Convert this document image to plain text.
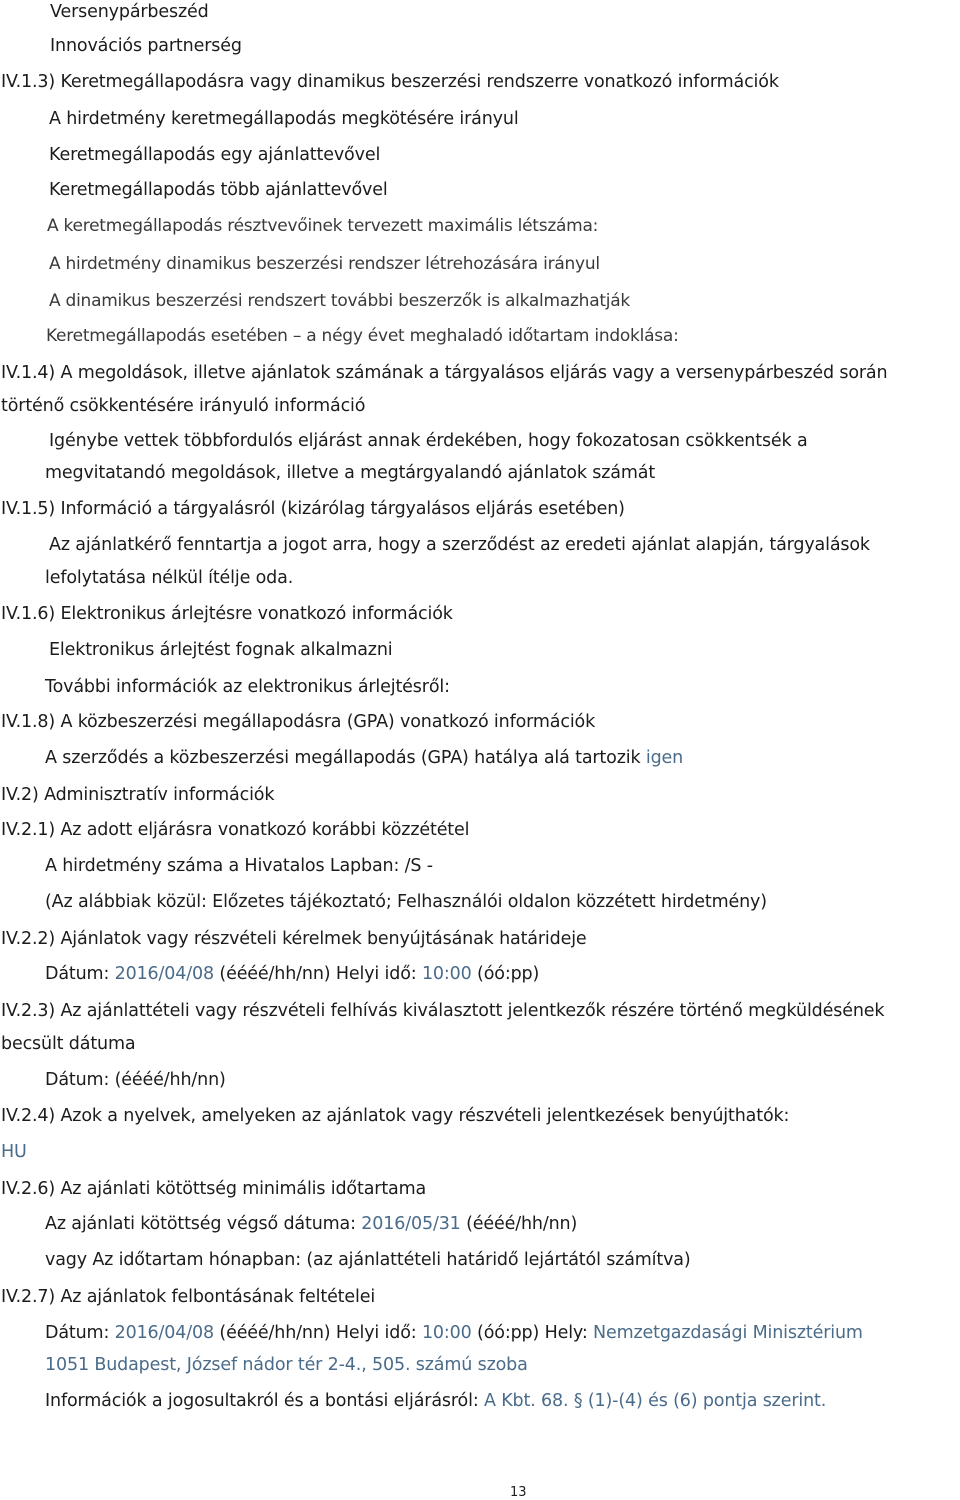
Versenypárbeszéd

Innovációs partnerség

IV.1.3) Keretmegállapodásra vagy dinamikus beszerzési rendszerre vonatkozó információk

A hirdetmény keretmegállapodás megkötésére irányul

Keretmegállapodás egy ajánlattevővel

Keretmegállapodás több ajánlattevővel

A keretmegállapodás résztvevőinek tervezett maximális létszáma:

A hirdetmény dinamikus beszerzési rendszer létrehozására irányul

A dinamikus beszerzési rendszert további beszerzők is alkalmazhatják

Keretmegállapodás esetében – a négy évet meghaladó időtartam indoklása:

IV.1.4) A megoldások, illetve ajánlatok számának a tárgyalásos eljárás vagy a versenypárbeszéd során

történő csökkentésére irányuló információ

Igénybe vettek többfordulós eljárást annak érdekében, hogy fokozatosan csökkentsék a

megvitatandó megoldások, illetve a megtárgyalandó ajánlatok számát

IV.1.5) Információ a tárgyalásról (kizárólag tárgyalásos eljárás esetében)

Az ajánlatkérő fenntartja a jogot arra, hogy a szerződést az eredeti ajánlat alapján, tárgyalások

lefolytatása nélkül ítélje oda.

IV.1.6) Elektronikus árlejtésre vonatkozó információk

Elektronikus árlejtést fognak alkalmazni

További információk az elektronikus árlejtésről:

IV.1.8) A közbeszerzési megállapodásra (GPA) vonatkozó információk

A szerződés a közbeszerzési megállapodás (GPA) hatálya alá tartozik igen

IV.2) Adminisztratív információk

IV.2.1) Az adott eljárásra vonatkozó korábbi közzététel

A hirdetmény száma a Hivatalos Lapban: /S -

(Az alábbiak közül: Előzetes tájékoztató; Felhasználói oldalon közzétett hirdetmény)

IV.2.2) Ajánlatok vagy részvételi kérelmek benyújtásának határideje

Dátum: 2016/04/08 (éééé/hh/nn) Helyi idő: 10:00 (óó:pp)

IV.2.3) Az ajánlattételi vagy részvételi felhívás kiválasztott jelentkezők részére történő megküldésének

becsült dátuma

Dátum: (éééé/hh/nn)

IV.2.4) Azok a nyelvek, amelyeken az ajánlatok vagy részvételi jelentkezések benyújthatók:

HU

IV.2.6) Az ajánlati kötöttség minimális időtartama

Az ajánlati kötöttség végső dátuma: 2016/05/31 (éééé/hh/nn)

vagy Az időtartam hónapban: (az ajánlattételi határidő lejártától számítva)

IV.2.7) Az ajánlatok felbontásának feltételei

Dátum: 2016/04/08 (éééé/hh/nn) Helyi idő: 10:00 (óó:pp) Hely: Nemzetgazdasági Minisztérium

1051 Budapest, József nádor tér 2-4., 505. számú szoba

Információk a jogosultakról és a bontási eljárásról: A Kbt. 68. § (1)-(4) és (6) pontja szerint.

13
